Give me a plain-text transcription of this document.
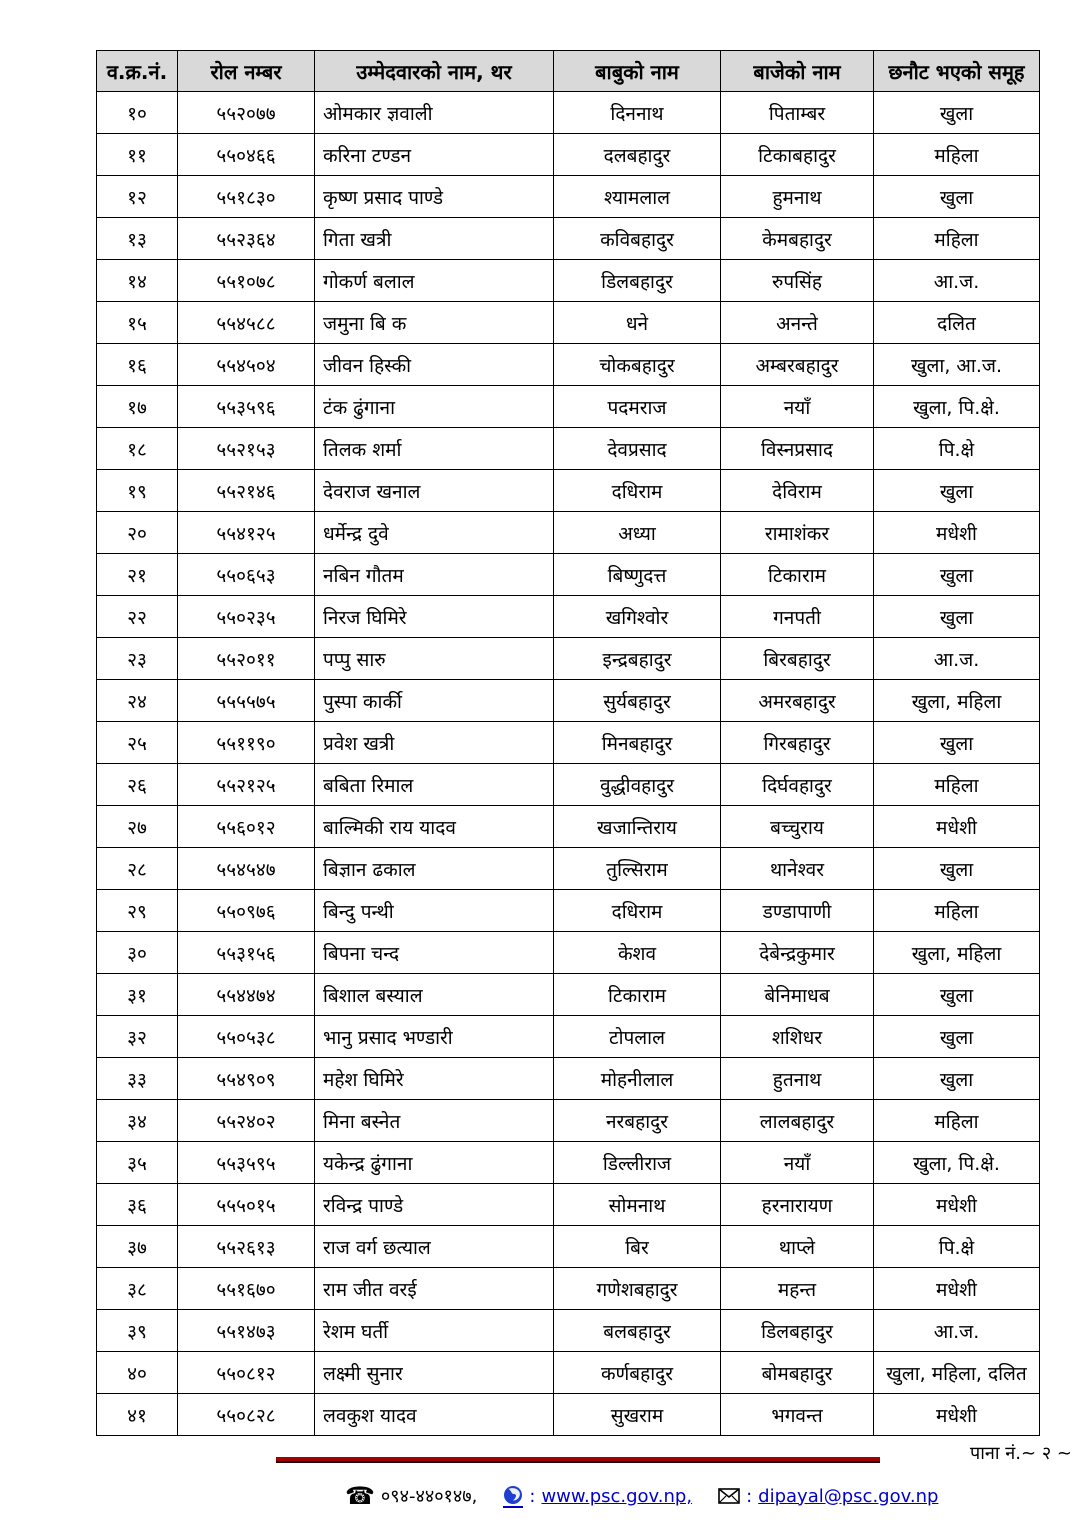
व.क्र.नं.	रोल नम्बर	उम्मेदवारको नाम, थर	बाबुको नाम	बाजेको नाम	छनौट भएको समूह
१०	५५२०७७	ओमकार ज्ञवाली	दिननाथ	पिताम्बर	खुला
११	५५०४६६	करिना टण्डन	दलबहादुर	टिकाबहादुर	महिला
१२	५५१८३०	कृष्ण प्रसाद पाण्डे	श्यामलाल	हुमनाथ	खुला
१३	५५२३६४	गिता खत्री	कविबहादुर	केमबहादुर	महिला
१४	५५१०७८	गोकर्ण बलाल	डिलबहादुर	रुपसिंह	आ.ज.
१५	५५४५८८	जमुना बि क	धने	अनन्ते	दलित
१६	५५४५०४	जीवन हिस्की	चोकबहादुर	अम्बरबहादुर	खुला, आ.ज.
१७	५५३५९६	टंक ढुंगाना	पदमराज	नयाँ	खुला, पि.क्षे.
१८	५५२१५३	तिलक शर्मा	देवप्रसाद	विस्नप्रसाद	पि.क्षे
१९	५५२१४६	देवराज खनाल	दधिराम	देविराम	खुला
२०	५५४१२५	धर्मेन्द्र दुवे	अध्या	रामाशंकर	मधेशी
२१	५५०६५३	नबिन गौतम	बिष्णुदत्त	टिकाराम	खुला
२२	५५०२३५	निरज घिमिरे	खगिश्वोर	गनपती	खुला
२३	५५२०११	पप्पु सारु	इन्द्रबहादुर	बिरबहादुर	आ.ज.
२४	५५५५७५	पुस्पा कार्की	सुर्यबहादुर	अमरबहादुर	खुला, महिला
२५	५५११९०	प्रवेश खत्री	मिनबहादुर	गिरबहादुर	खुला
२६	५५२१२५	बबिता रिमाल	वुद्धीवहादुर	दिर्घवहादुर	महिला
२७	५५६०१२	बाल्मिकी राय यादव	खजान्तिराय	बच्चुराय	मधेशी
२८	५५४५४७	बिज्ञान ढकाल	तुल्सिराम	थानेश्वर	खुला
२९	५५०९७६	बिन्दु पन्थी	दधिराम	डण्डापाणी	महिला
३०	५५३१५६	बिपना चन्द	केशव	देबेन्द्रकुमार	खुला, महिला
३१	५५४४७४	बिशाल बस्याल	टिकाराम	बेनिमाधब	खुला
३२	५५०५३८	भानु प्रसाद भण्डारी	टोपलाल	शशिधर	खुला
३३	५५४९०९	महेश घिमिरे	मोहनीलाल	हुतनाथ	खुला
३४	५५२४०२	मिना बस्नेत	नरबहादुर	लालबहादुर	महिला
३५	५५३५९५	यकेन्द्र ढुंगाना	डिल्लीराज	नयाँ	खुला, पि.क्षे.
३६	५५५०१५	रविन्द्र पाण्डे	सोमनाथ	हरनारायण	मधेशी
३७	५५२६१३	राज वर्ग छत्याल	बिर	थाप्ले	पि.क्षे
३८	५५१६७०	राम जीत वरई	गणेशबहादुर	महन्त	मधेशी
३९	५५१४७३	रेशम घर्ती	बलबहादुर	डिलबहादुर	आ.ज.
४०	५५०८१२	लक्ष्मी सुनार	कर्णबहादुर	बोमबहादुर	खुला, महिला, दलित
४१	५५०८२८	लवकुश यादव	सुखराम	भगवन्त	मधेशी
पाना नं.~ २ ~
☎ ०९४-४४०१४७,	: www.psc.gov.np,	: dipayal@psc.gov.np
